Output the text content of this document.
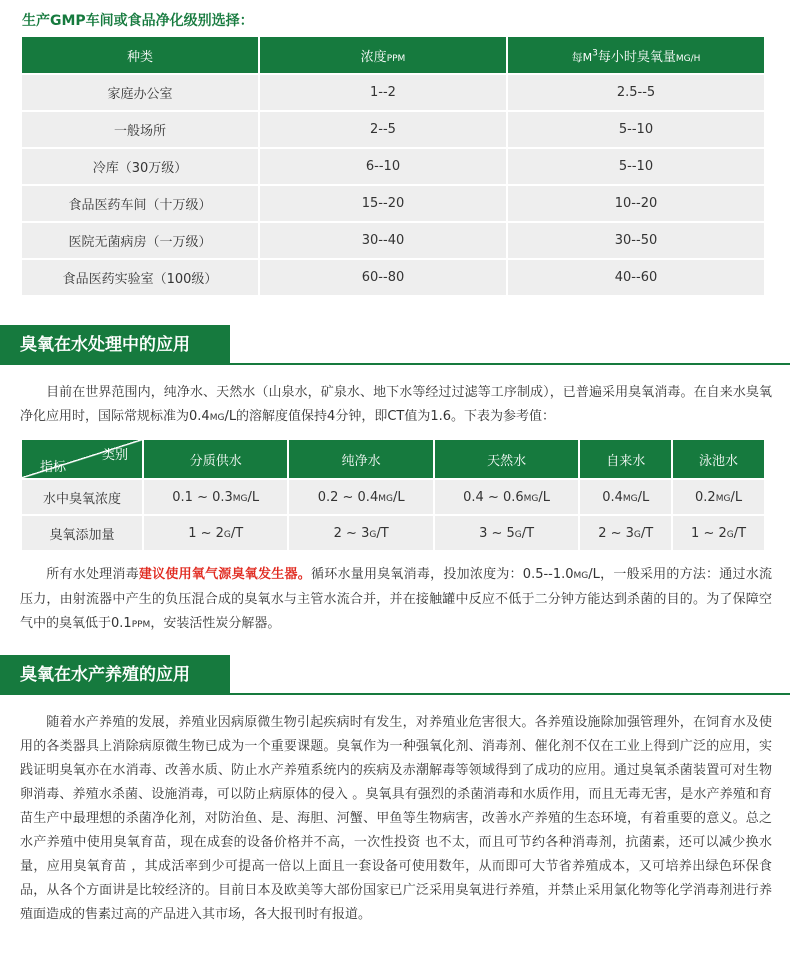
生产GMP车间或食品净化级别选择：
种类	浓度PPM	每$M^3$每小时臭氧量MG/H
家庭办公室	1--2	2.5--5
一般场所	2--5	5--10
冷库（30万级）	6--10	5--10
食品医药车间（十万级）	15--20	10--20
医院无菌病房（一万级）	30--40	30--50
食品医药实验室（100级）	60--80	40--60
臭氧在水处理中的应用
目前在世界范围内，纯净水、天然水（山泉水，矿泉水、地下水等经过过滤等工序制成），已普遍采用臭氧消毒。在自来水臭氧净化应用时，国际常规标准为0.4MG/L的溶解度值保持4分钟，即CT值为1.6。下表为参考值：
类别
指标	分质供水	纯净水	天然水	自来水	泳池水
水中臭氧浓度	0.1 ~ 0.3MG/L	0.2 ~ 0.4MG/L	0.4 ~ 0.6MG/L	0.4MG/L	0.2MG/L
臭氧添加量	1 ~ 2G/T	2 ~ 3G/T	3 ~ 5G/T	2 ~ 3G/T	1 ~ 2G/T
所有水处理消毒建议使用氧气源臭氧发生器。循环水量用臭氧消毒，投加浓度为：0.5--1.0MG/L，一般采用的方法：通过水流压力，由射流器中产生的负压混合成的臭氧水与主管水流合并，并在接触罐中反应不低于二分钟方能达到杀菌的目的。为了保障空气中的臭氧低于0.1PPM，安装活性炭分解器。
臭氧在水产养殖的应用
随着水产养殖的发展，养殖业因病原微生物引起疾病时有发生，对养殖业危害很大。各养殖设施除加强管理外，在饲育水及使用的各类器具上消除病原微生物已成为一个重要课题。臭氧作为一种强氧化剂、消毒剂、催化剂不仅在工业上得到广泛的应用，实践证明臭氧亦在水消毒、改善水质、防止水产养殖系统内的疾病及赤潮解毒等领域得到了成功的应用。通过臭氧杀菌装置可对生物卵消毒、养殖水杀菌、设施消毒，可以防止病原体的侵入 。臭氧具有强烈的杀菌消毒和水质作用，而且无毒无害，是水产养殖和育苗生产中最理想的杀菌净化剂，对防治鱼、是、海胆、河蟹、甲鱼等生物病害，改善水产养殖的生态环境，有着重要的意义。总之水产养殖中使用臭氧育苗，现在成套的设备价格并不高，一次性投资 也不太，而且可节约各种消毒剂，抗菌素，还可以减少换水量，应用臭氧育苗 ，其成活率到少可提高一倍以上面且一套设备可使用数年，从而即可大节省养殖成本，又可培养出绿色环保食品，从各个方面讲是比较经济的。目前日本及欧美等大部份国家已广泛采用臭氧进行养殖，并禁止采用氯化物等化学消毒剂进行养殖面造成的售素过高的产品进入其市场，各大报刊时有报道。
